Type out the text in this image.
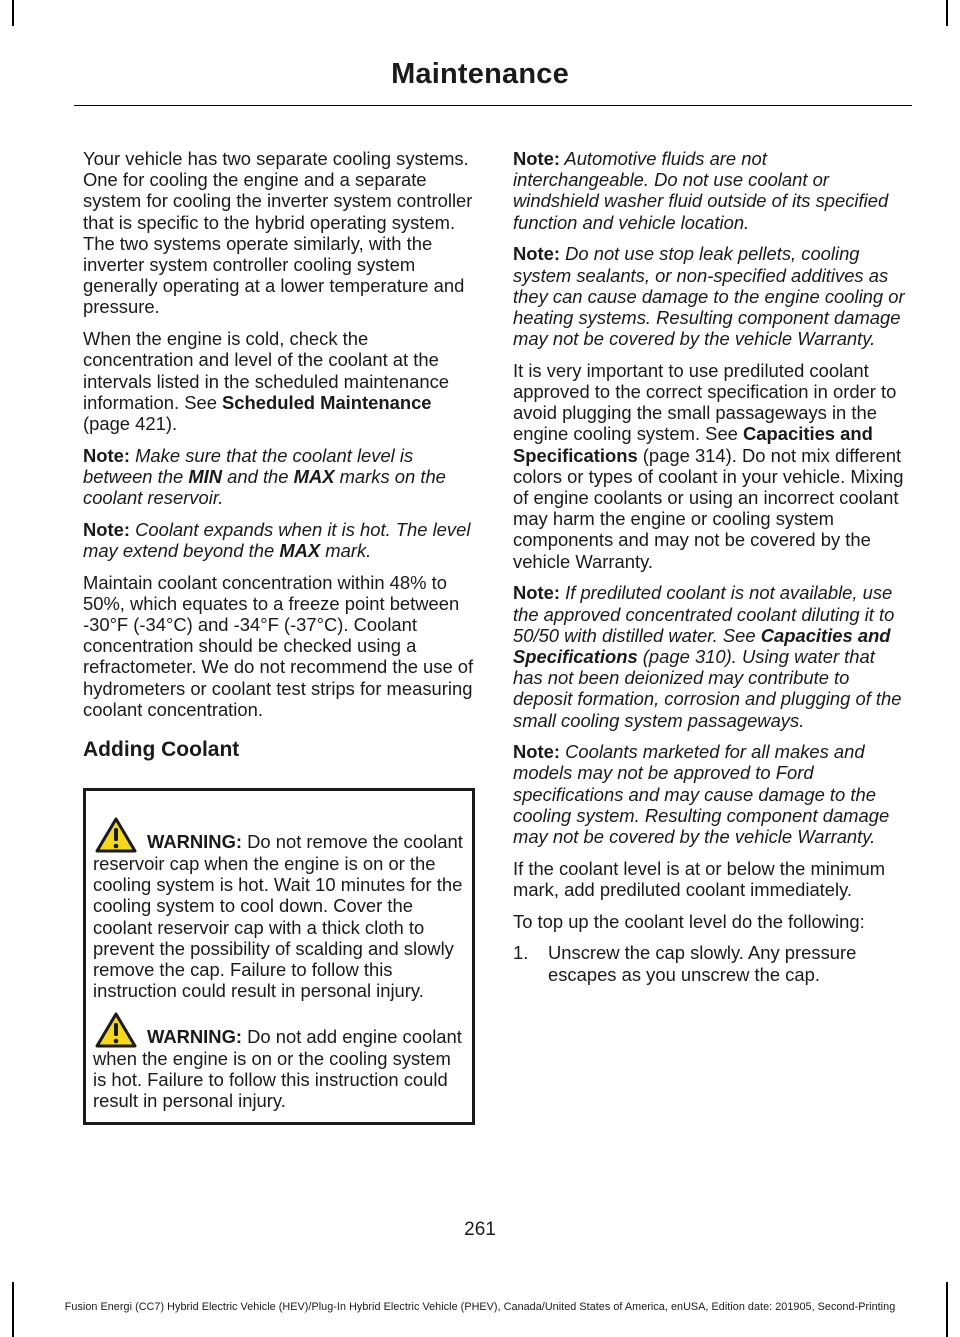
Maintenance

Your vehicle has two separate cooling systems. One for cooling the engine and a separate system for cooling the inverter system controller that is specific to the hybrid operating system. The two systems operate similarly, with the inverter system controller cooling system generally operating at a lower temperature and pressure.

When the engine is cold, check the concentration and level of the coolant at the intervals listed in the scheduled maintenance information. See Scheduled Maintenance (page 421).

Note: Make sure that the coolant level is between the MIN and the MAX marks on the coolant reservoir.

Note: Coolant expands when it is hot. The level may extend beyond the MAX mark.

Maintain coolant concentration within 48% to 50%, which equates to a freeze point between -30°F (-34°C) and -34°F (-37°C). Coolant concentration should be checked using a refractometer. We do not recommend the use of hydrometers or coolant test strips for measuring coolant concentration.

Adding Coolant

WARNING: Do not remove the coolant reservoir cap when the engine is on or the cooling system is hot. Wait 10 minutes for the cooling system to cool down. Cover the coolant reservoir cap with a thick cloth to prevent the possibility of scalding and slowly remove the cap. Failure to follow this instruction could result in personal injury.

WARNING: Do not add engine coolant when the engine is on or the cooling system is hot. Failure to follow this instruction could result in personal injury.

Note: Automotive fluids are not interchangeable. Do not use coolant or windshield washer fluid outside of its specified function and vehicle location.

Note: Do not use stop leak pellets, cooling system sealants, or non-specified additives as they can cause damage to the engine cooling or heating systems. Resulting component damage may not be covered by the vehicle Warranty.

It is very important to use prediluted coolant approved to the correct specification in order to avoid plugging the small passageways in the engine cooling system. See Capacities and Specifications (page 314). Do not mix different colors or types of coolant in your vehicle. Mixing of engine coolants or using an incorrect coolant may harm the engine or cooling system components and may not be covered by the vehicle Warranty.

Note: If prediluted coolant is not available, use the approved concentrated coolant diluting it to 50/50 with distilled water. See Capacities and Specifications (page 310). Using water that has not been deionized may contribute to deposit formation, corrosion and plugging of the small cooling system passageways.

Note: Coolants marketed for all makes and models may not be approved to Ford specifications and may cause damage to the cooling system. Resulting component damage may not be covered by the vehicle Warranty.

If the coolant level is at or below the minimum mark, add prediluted coolant immediately.

To top up the coolant level do the following:

1. Unscrew the cap slowly. Any pressure escapes as you unscrew the cap.
261
Fusion Energi (CC7) Hybrid Electric Vehicle (HEV)/Plug-In Hybrid Electric Vehicle (PHEV), Canada/United States of America, enUSA, Edition date: 201905, Second-Printing
